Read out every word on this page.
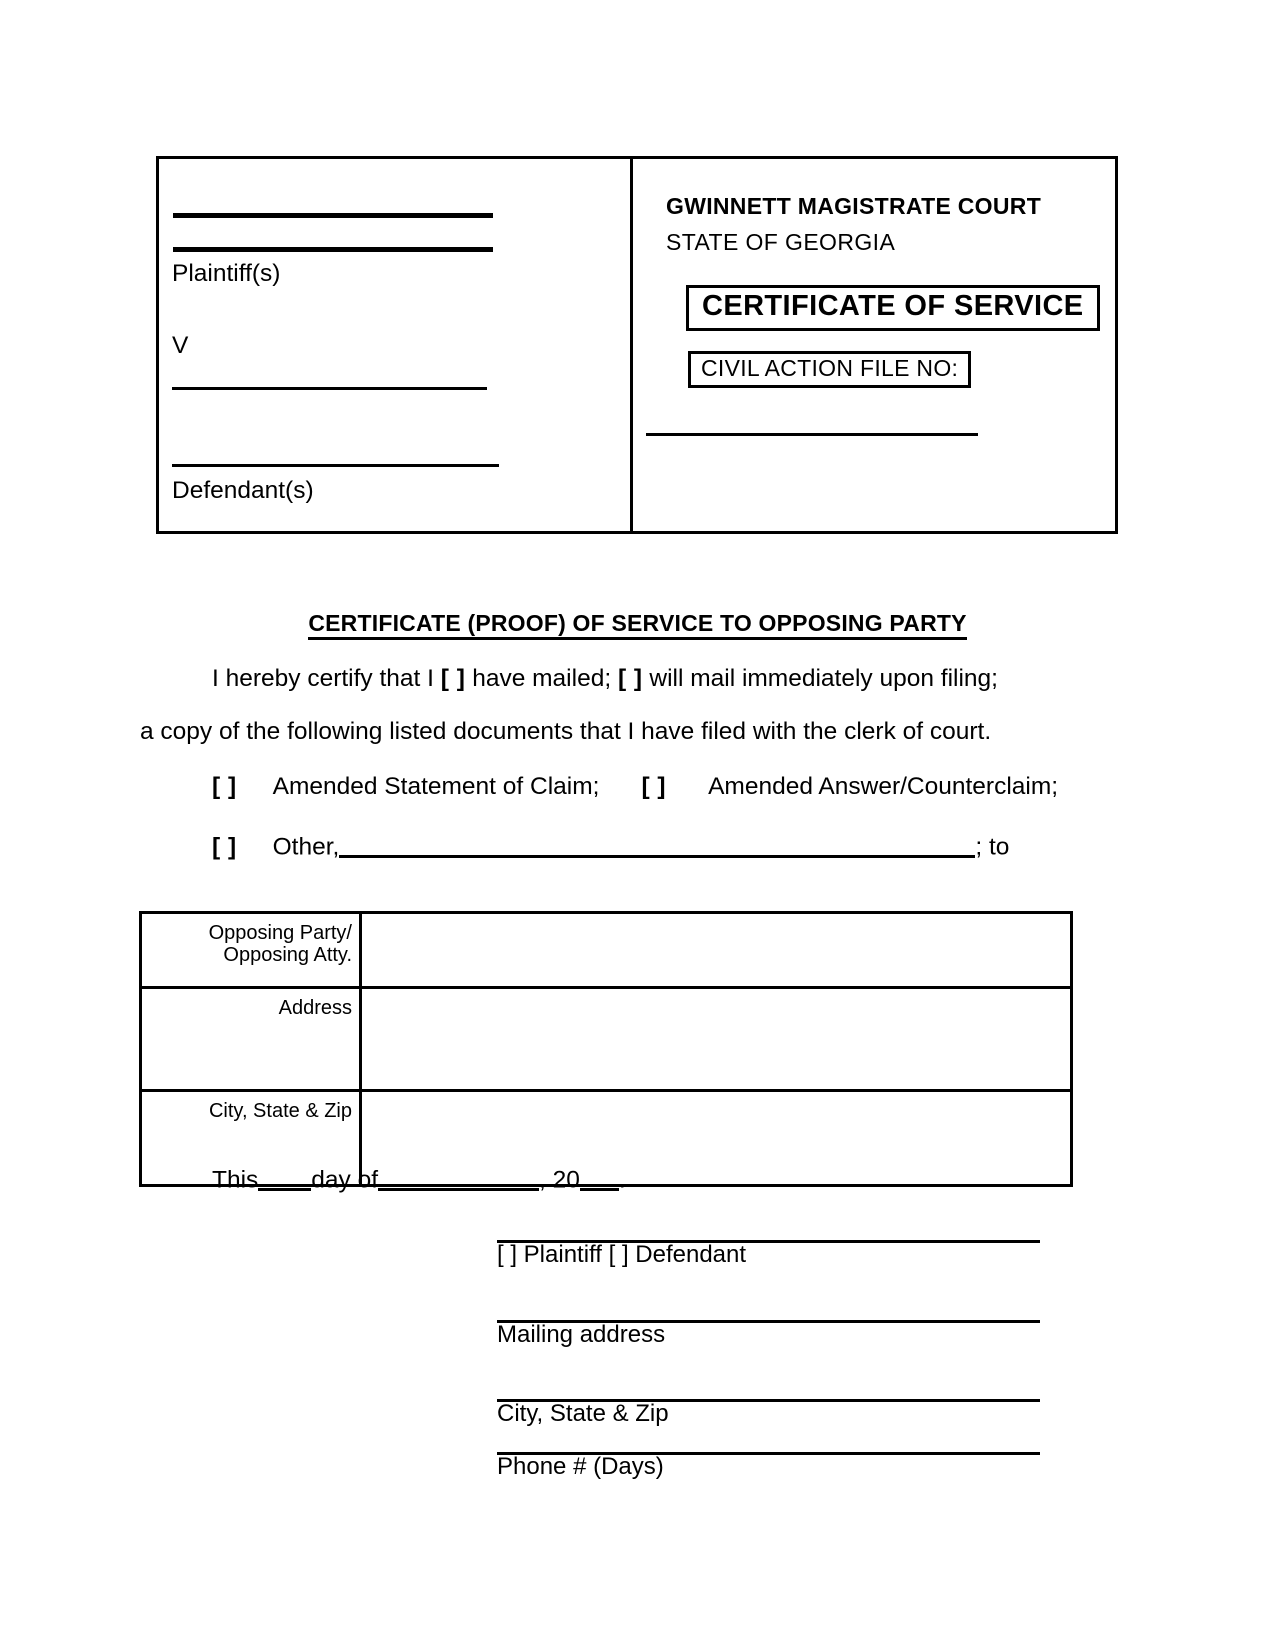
Plaintiff(s)
V
Defendant(s)
GWINNETT MAGISTRATE COURT
STATE OF GEORGIA
CERTIFICATE OF SERVICE
CIVIL ACTION FILE NO:
CERTIFICATE (PROOF) OF SERVICE TO OPPOSING PARTY
I hereby certify that I [ ] have mailed; [ ] will mail immediately upon filing;
a copy of the following listed documents that I have filed with the clerk of court.
[ ] Amended Statement of Claim; [ ] Amended Answer/Counterclaim;
[ ] Other,	; to
Opposing Party/
Opposing Atty.	

Address	
City, State & Zip	
This day of	, 20 .
[ ] Plaintiff [ ] Defendant
Mailing address
City, State & Zip
Phone # (Days)
